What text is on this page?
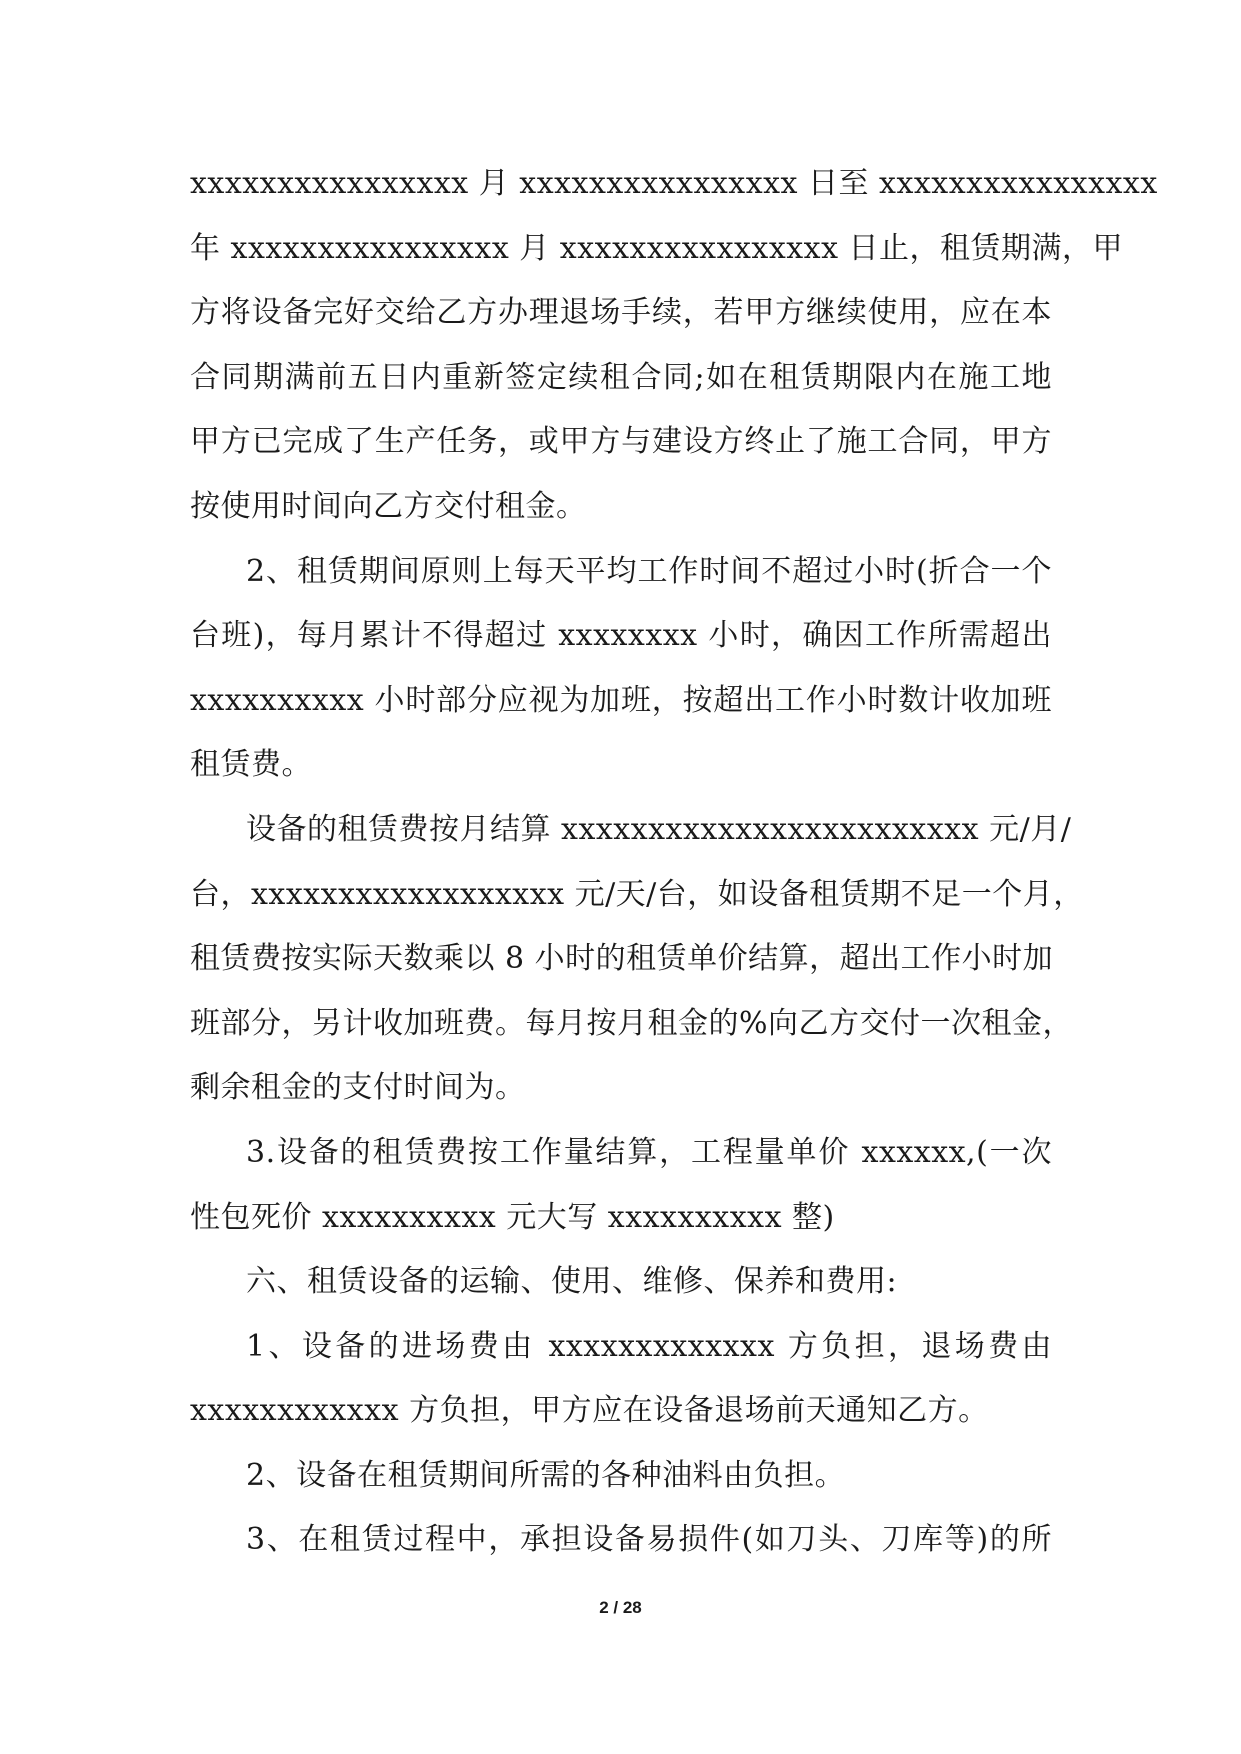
xxxxxxxxxxxxxxxx 月 xxxxxxxxxxxxxxxx 日至 xxxxxxxxxxxxxxxx
年 xxxxxxxxxxxxxxxx 月 xxxxxxxxxxxxxxxx 日止，租赁期满，甲
方将设备完好交给乙方办理退场手续，若甲方继续使用，应在本
合同期满前五日内重新签定续租合同;如在租赁期限内在施工地
甲方已完成了生产任务，或甲方与建设方终止了施工合同，甲方
按使用时间向乙方交付租金。
2、租赁期间原则上每天平均工作时间不超过小时(折合一个
台班)，每月累计不得超过 xxxxxxxx 小时，确因工作所需超出
xxxxxxxxxx 小时部分应视为加班，按超出工作小时数计收加班
租赁费。
设备的租赁费按月结算 xxxxxxxxxxxxxxxxxxxxxxxx 元/月/
台，xxxxxxxxxxxxxxxxxx 元/天/台，如设备租赁期不足一个月，
租赁费按实际天数乘以 8 小时的租赁单价结算，超出工作小时加
班部分，另计收加班费。每月按月租金的%向乙方交付一次租金，
剩余租金的支付时间为。
3.设备的租赁费按工作量结算，工程量单价 xxxxxx,(一次
性包死价 xxxxxxxxxx 元大写 xxxxxxxxxx 整)
六、租赁设备的运输、使用、维修、保养和费用:
1、设备的进场费由 xxxxxxxxxxxxx 方负担，退场费由
xxxxxxxxxxxx 方负担，甲方应在设备退场前天通知乙方。
2、设备在租赁期间所需的各种油料由负担。
3、在租赁过程中，承担设备易损件(如刀头、刀库等)的所
2 / 28
